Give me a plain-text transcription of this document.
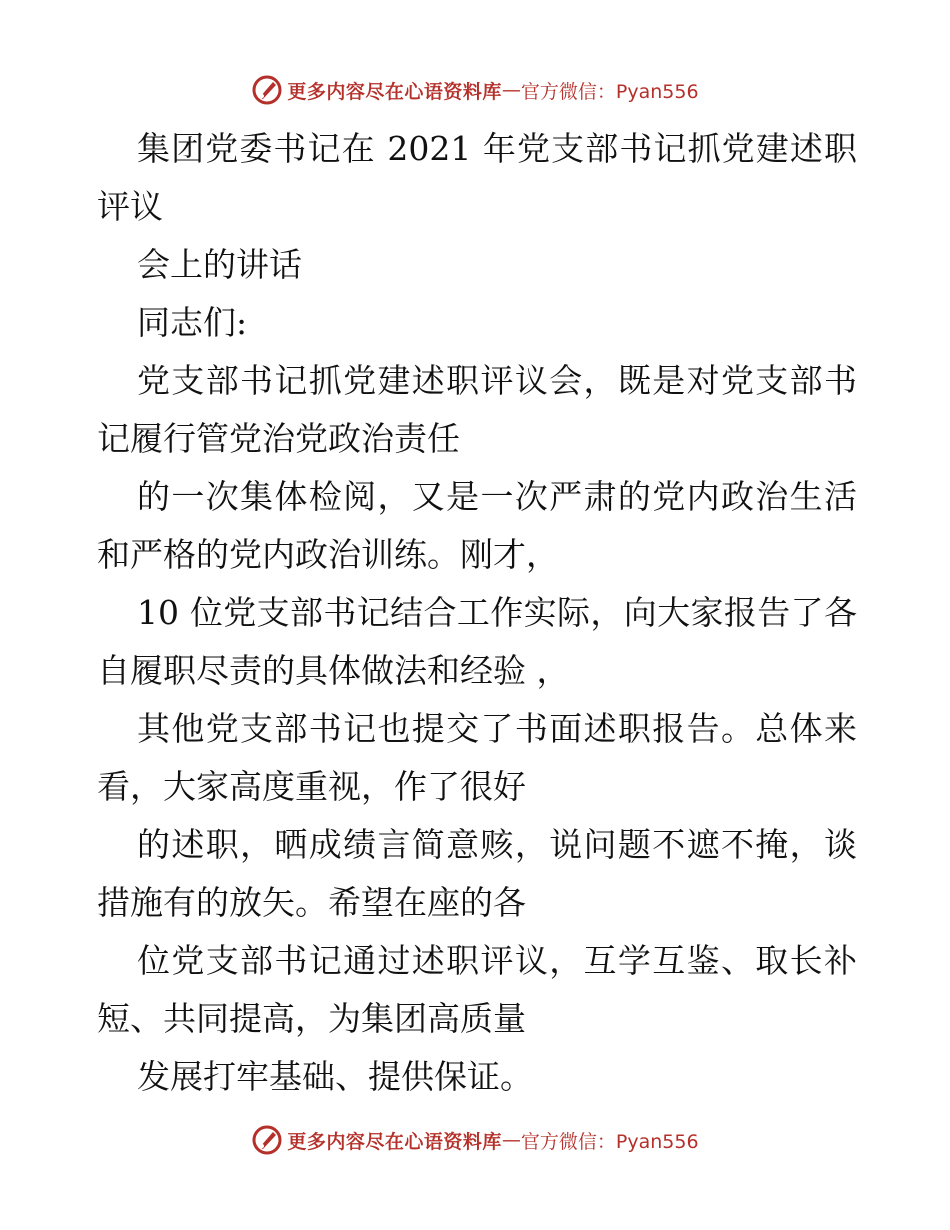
更多内容尽在心语资料库 — 官方微信：Pyan556

集团党委书记在 2021 年党支部书记抓党建述职评议

会上的讲话

同志们:

党支部书记抓党建述职评议会，既是对党支部书记履行管党治党政治责任

的一次集体检阅，又是一次严肃的党内政治生活和严格的党内政治训练。刚才，

10 位党支部书记结合工作实际，向大家报告了各自履职尽责的具体做法和经验 ，

其他党支部书记也提交了书面述职报告。总体来看，大家高度重视，作了很好

的述职，晒成绩言简意赅，说问题不遮不掩，谈措施有的放矢。希望在座的各

位党支部书记通过述职评议，互学互鉴、取长补短、共同提高，为集团高质量

发展打牢基础、提供保证。

更多内容尽在心语资料库 — 官方微信：Pyan556
